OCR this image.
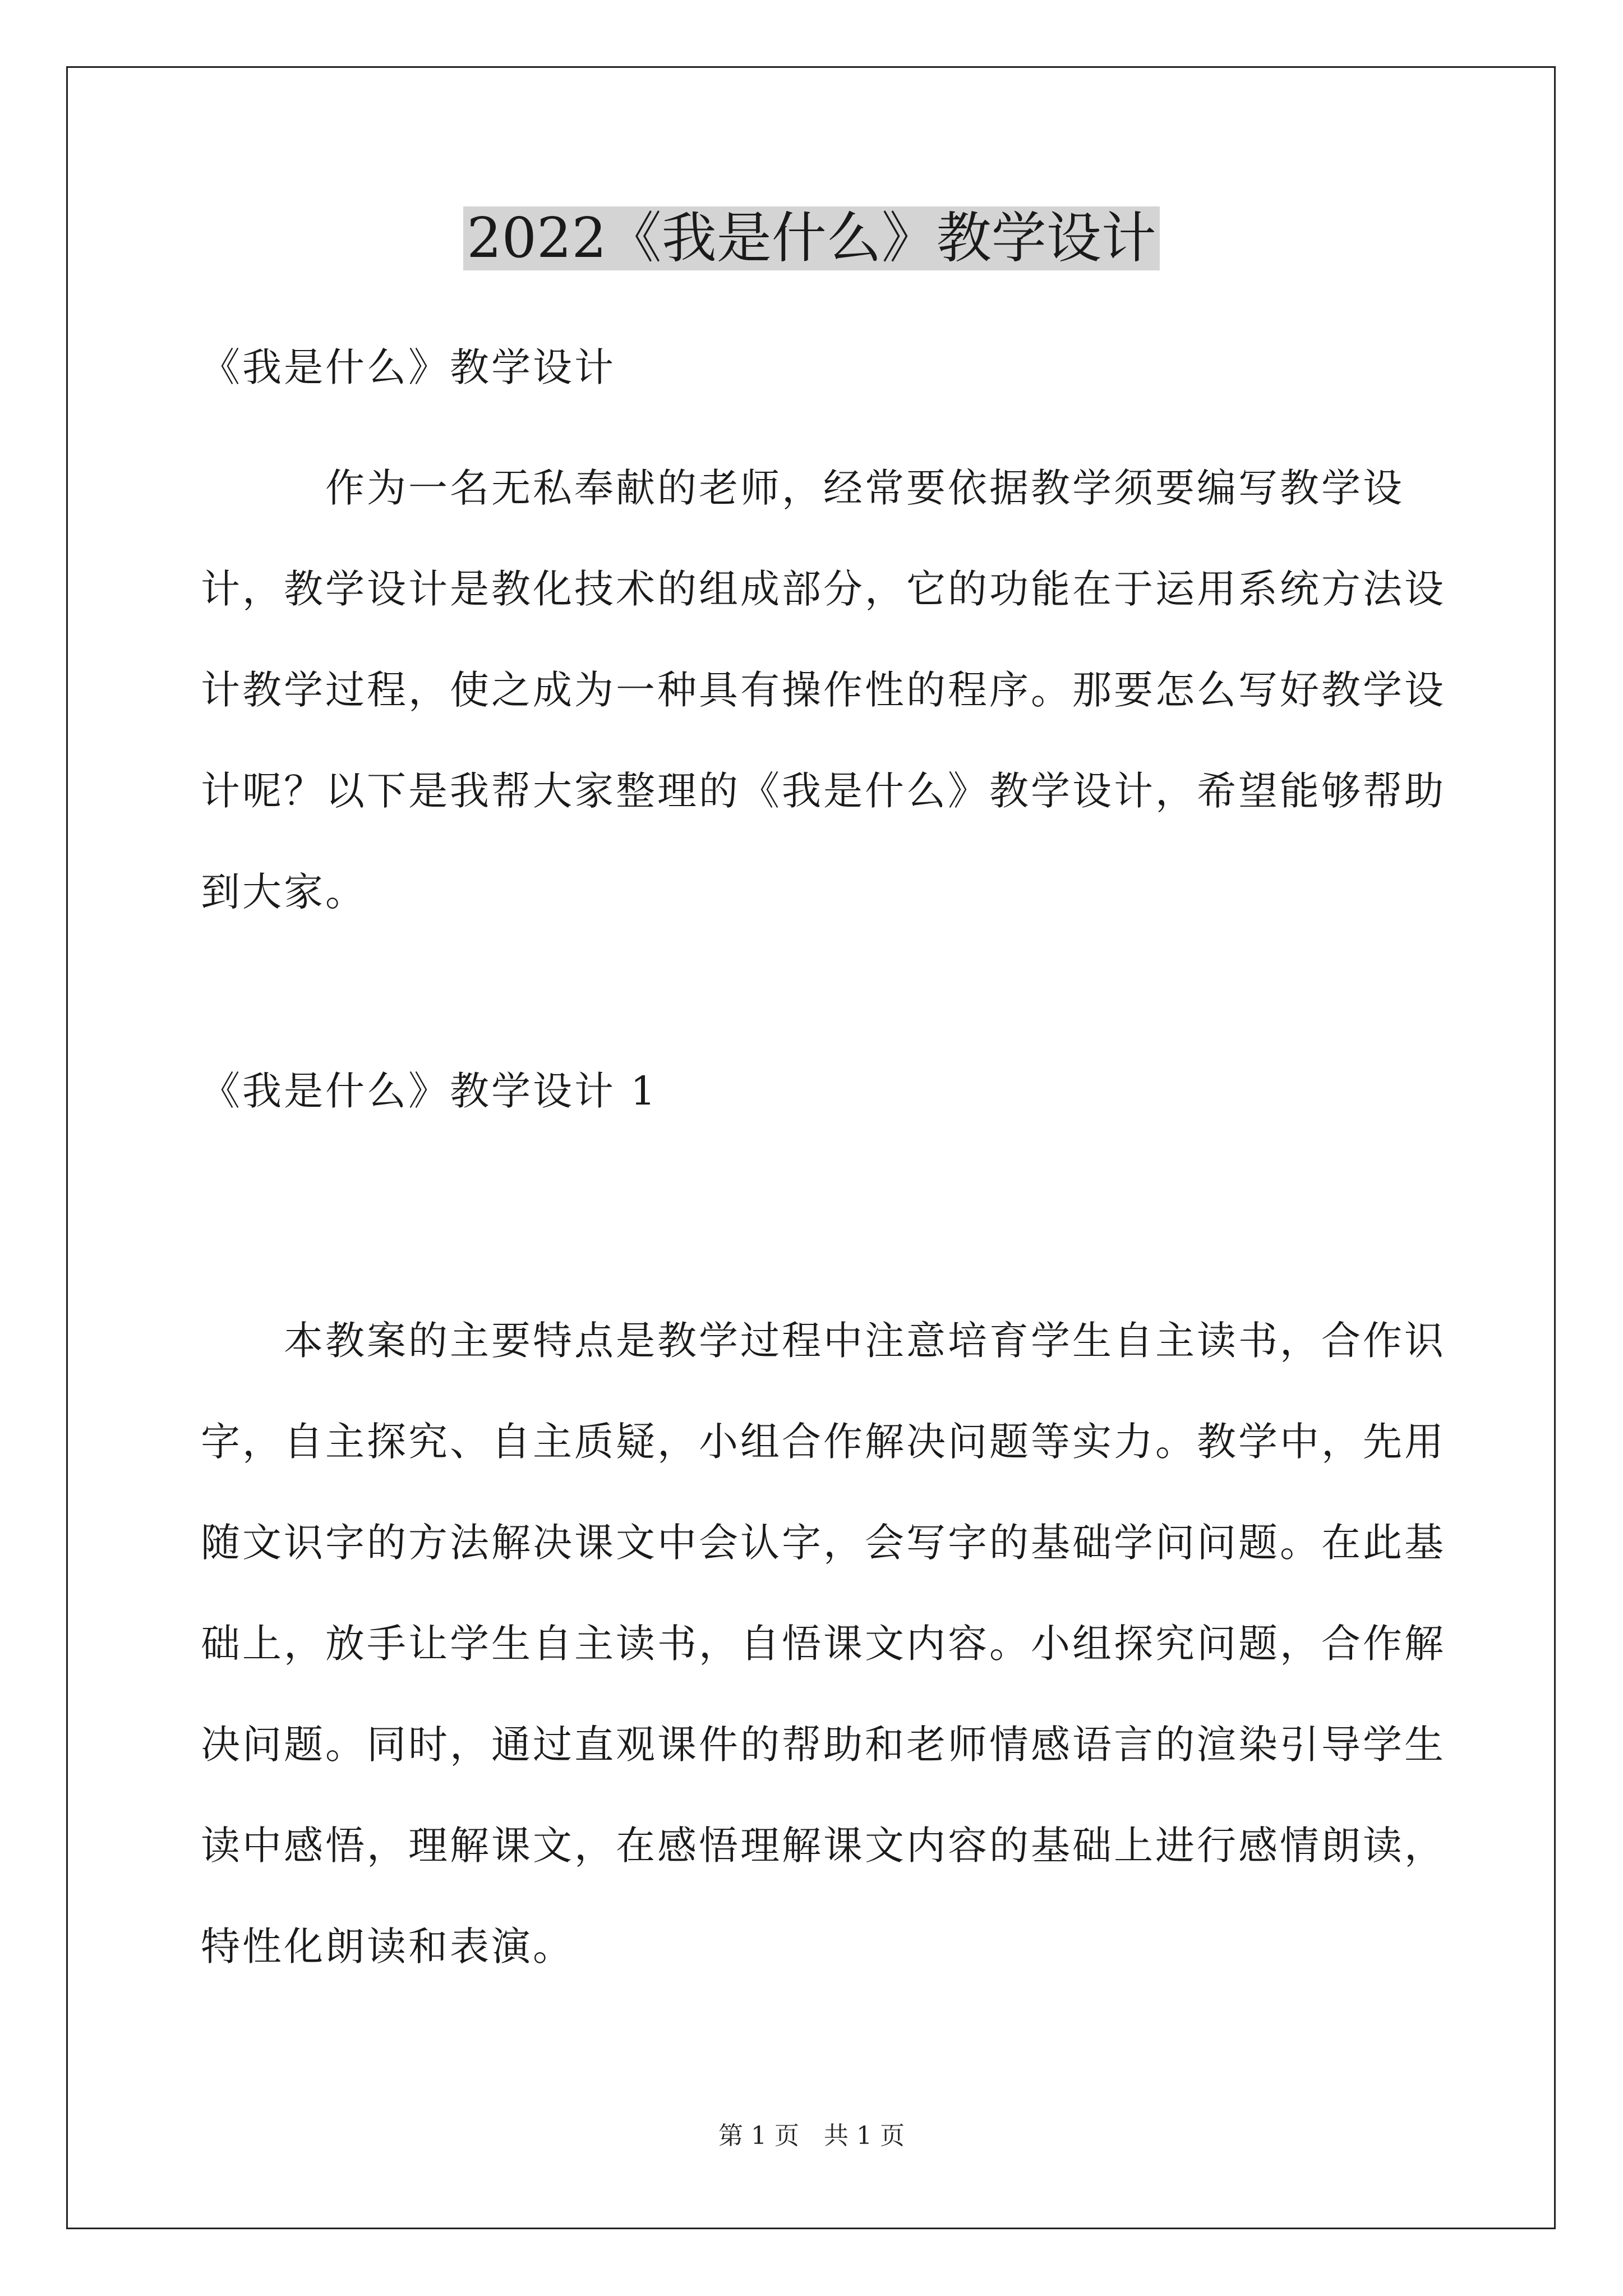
2022《我是什么》教学设计
《我是什么》教学设计
　　　作为一名无私奉献的老师，经常要依据教学须要编写教学设
计，教学设计是教化技术的组成部分，它的功能在于运用系统方法设
计教学过程，使之成为一种具有操作性的程序。那要怎么写好教学设
计呢？以下是我帮大家整理的《我是什么》教学设计，希望能够帮助
到大家。
《我是什么》教学设计 1
　　本教案的主要特点是教学过程中注意培育学生自主读书，合作识
字，自主探究、自主质疑，小组合作解决问题等实力。教学中，先用
随文识字的方法解决课文中会认字，会写字的基础学问问题。在此基
础上，放手让学生自主读书，自悟课文内容。小组探究问题，合作解
决问题。同时，通过直观课件的帮助和老师情感语言的渲染引导学生
读中感悟，理解课文，在感悟理解课文内容的基础上进行感情朗读，
特性化朗读和表演。
第 1 页　共 1 页
